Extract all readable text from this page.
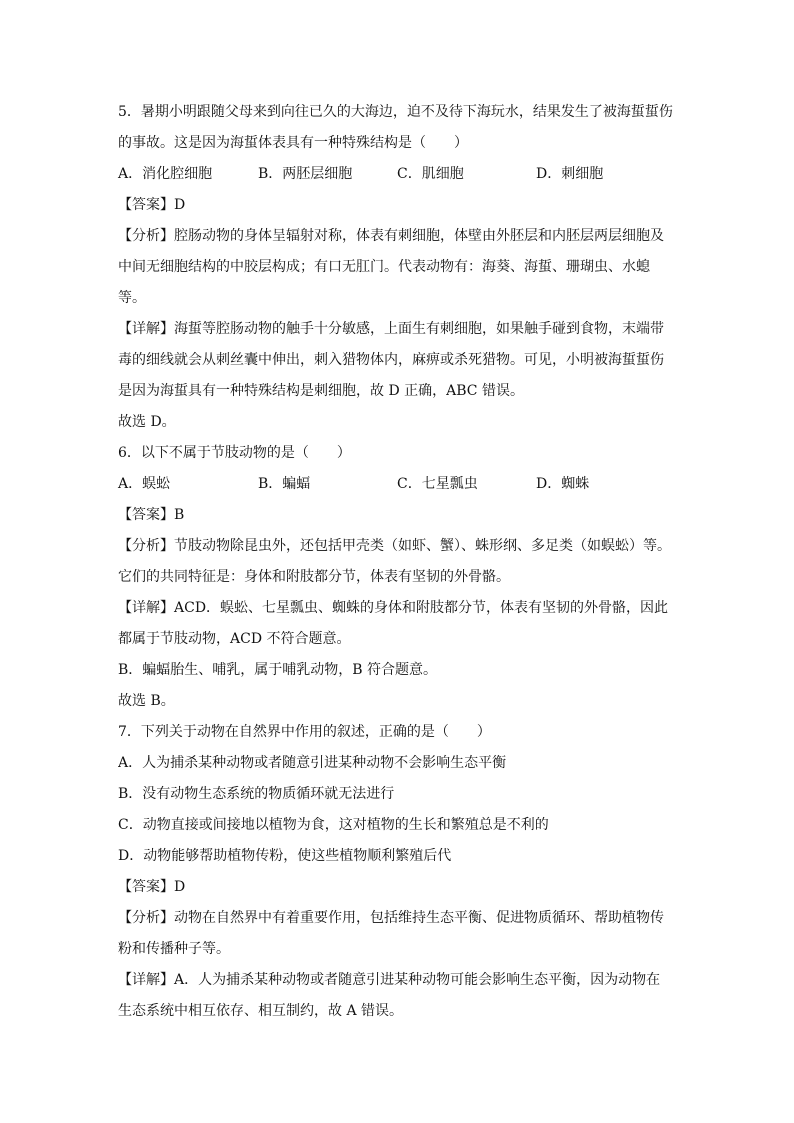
5．暑期小明跟随父母来到向往已久的大海边，迫不及待下海玩水，结果发生了被海蜇蜇伤
的事故。这是因为海蜇体表具有一种特殊结构是（　　）
A．消化腔细胞	B．两胚层细胞	C．肌细胞	D．刺细胞
【答案】D
【分析】腔肠动物的身体呈辐射对称，体表有刺细胞，体壁由外胚层和内胚层两层细胞及
中间无细胞结构的中胶层构成；有口无肛门。代表动物有：海葵、海蜇、珊瑚虫、水螅
等。
【详解】海蜇等腔肠动物的触手十分敏感，上面生有刺细胞，如果触手碰到食物，末端带
毒的细线就会从刺丝囊中伸出，刺入猎物体内，麻痹或杀死猎物。可见，小明被海蜇蜇伤
是因为海蜇具有一种特殊结构是刺细胞，故 D 正确，ABC 错误。
故选 D。
6．以下不属于节肢动物的是（　　）
A．蜈蚣	B．蝙蝠	C．七星瓢虫	D．蜘蛛
【答案】B
【分析】节肢动物除昆虫外，还包括甲壳类（如虾、蟹）、蛛形纲、多足类（如蜈蚣）等。
它们的共同特征是：身体和附肢都分节，体表有坚韧的外骨骼。
【详解】ACD．蜈蚣、七星瓢虫、蜘蛛的身体和附肢都分节，体表有坚韧的外骨骼，因此
都属于节肢动物，ACD 不符合题意。
B．蝙蝠胎生、哺乳，属于哺乳动物，B 符合题意。
故选 B。
7．下列关于动物在自然界中作用的叙述，正确的是（　　）
A．人为捕杀某种动物或者随意引进某种动物不会影响生态平衡
B．没有动物生态系统的物质循环就无法进行
C．动物直接或间接地以植物为食，这对植物的生长和繁殖总是不利的
D．动物能够帮助植物传粉，使这些植物顺利繁殖后代
【答案】D
【分析】动物在自然界中有着重要作用，包括维持生态平衡、促进物质循环、帮助植物传
粉和传播种子等。
【详解】A．人为捕杀某种动物或者随意引进某种动物可能会影响生态平衡，因为动物在
生态系统中相互依存、相互制约，故 A 错误。
